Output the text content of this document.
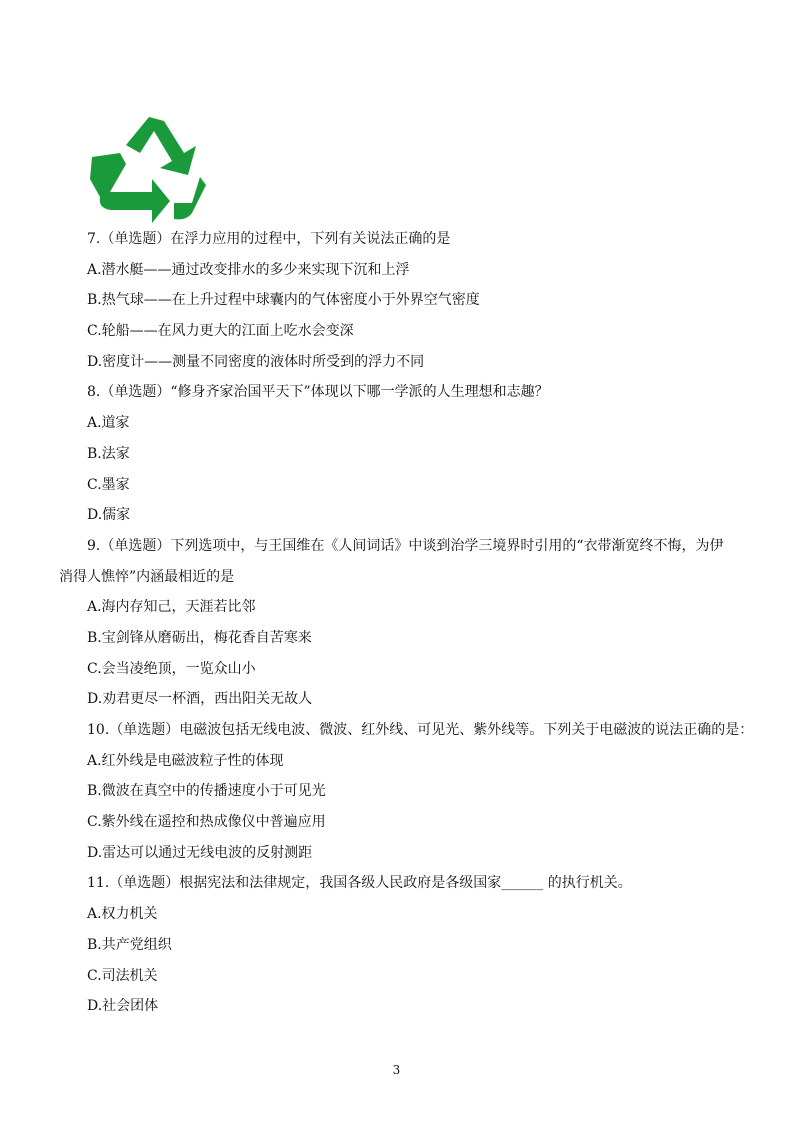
7.（单选题）在浮力应用的过程中，下列有关说法正确的是
A.潜水艇——通过改变排水的多少来实现下沉和上浮
B.热气球——在上升过程中球囊内的气体密度小于外界空气密度
C.轮船——在风力更大的江面上吃水会变深
D.密度计——测量不同密度的液体时所受到的浮力不同
8.（单选题）“修身齐家治国平天下”体现以下哪一学派的人生理想和志趣？
A.道家
B.法家
C.墨家
D.儒家
9.（单选题）下列选项中，与王国维在《人间词话》中谈到治学三境界时引用的“衣带渐宽终不悔，为伊
消得人憔悴”内涵最相近的是
A.海内存知己，天涯若比邻
B.宝剑锋从磨砺出，梅花香自苦寒来
C.会当凌绝顶，一览众山小
D.劝君更尽一杯酒，西出阳关无故人
10.（单选题）电磁波包括无线电波、微波、红外线、可见光、紫外线等。下列关于电磁波的说法正确的是：
A.红外线是电磁波粒子性的体现
B.微波在真空中的传播速度小于可见光
C.紫外线在遥控和热成像仪中普遍应用
D.雷达可以通过无线电波的反射测距
11.（单选题）根据宪法和法律规定，我国各级人民政府是各级国家______ 的执行机关。
A.权力机关
B.共产党组织
C.司法机关
D.社会团体
3
